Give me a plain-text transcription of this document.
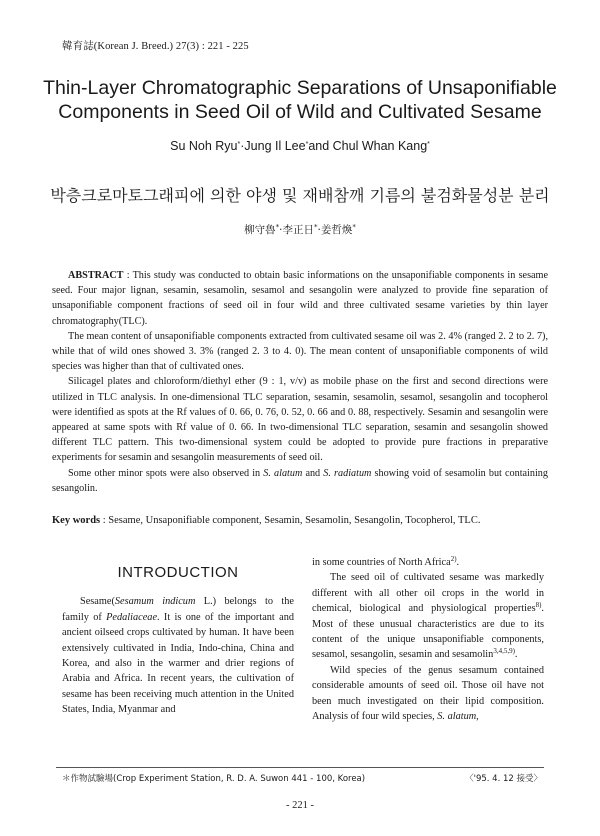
韓育誌(Korean J. Breed.) 27(3) : 221 - 225
Thin-Layer Chromatographic Separations of Unsaponifiable
Components in Seed Oil of Wild and Cultivated Sesame
Su Noh Ryu*·Jung Il Lee*and Chul Whan Kang*
박층크로마토그래피에 의한 야생 및 재배참깨 기름의 불검화물성분 분리
柳守魯*·李正日*·姜哲煥*

ABSTRACT : This study was conducted to obtain basic informations on the unsaponifiable components in sesame seed. Four major lignan, sesamin, sesamolin, sesamol and sesangolin were analyzed to provide fine separation of unsaponifiable component fractions of seed oil in four wild and three cultivated sesame varieties by thin layer chromatography(TLC).

The mean content of unsaponifiable components extracted from cultivated sesame oil was 2. 4% (ranged 2. 2 to 2. 7), while that of wild ones showed 3. 3% (ranged 2. 3 to 4. 0). The mean content of unsaponifiable components of wild species was higher than that of cultivated ones.

Silicagel plates and chloroform/diethyl ether (9 : 1, v/v) as mobile phase on the first and second directions were utilized in TLC analysis. In one-dimensional TLC separation, sesamin, sesamolin, sesamol, sesangolin and tocopherol were identified as spots at the Rf values of 0. 66, 0. 76, 0. 52, 0. 66 and 0. 88, respectively. Sesamin and sesangolin were appeared at same spots with Rf value of 0. 66. In two-dimensional TLC separation, sesamin and sesangolin showed different TLC pattern. This two-dimensional system could be adopted to provide pure fractions in preparative experiments for sesamin and sesangolin measurements of seed oil.

Some other minor spots were also observed in S. alatum and S. radiatum showing void of sesamolin but containing sesangolin.

Key words : Sesame, Unsaponifiable component, Sesamin, Sesamolin, Sesangolin, Tocopherol, TLC.

INTRODUCTION

Sesame(Sesamum indicum L.) belongs to the family of Pedaliaceae. It is one of the important and ancient oilseed crops cultivated by human. It have been extensively cultivated in India, Indo-china, China and Korea, and also in the warmer and drier regions of Arabia and Africa. In recent years, the cultivation of sesame has been receiving much attention in the United States, India, Myanmar and

in some countries of North Africa$^{2)}$.

The seed oil of cultivated sesame was markedly different with all other oil crops in the world in chemical, biological and physiological properties$^{8)}$. Most of these unusual characteristics are due to its content of the unique unsaponifiable components, sesamol, sesangolin, sesamin and sesamolin$^{3,4,5,9)}$.

Wild species of the genus sesamum contained considerable amounts of seed oil. Those oil have not been much investigated on their lipid composition. Analysis of four wild species, S. alatum,

＊作物試驗場(Crop Experiment Station, R. D. A. Suwon 441 - 100, Korea)	〈'95. 4. 12 接受〉
- 221 -
